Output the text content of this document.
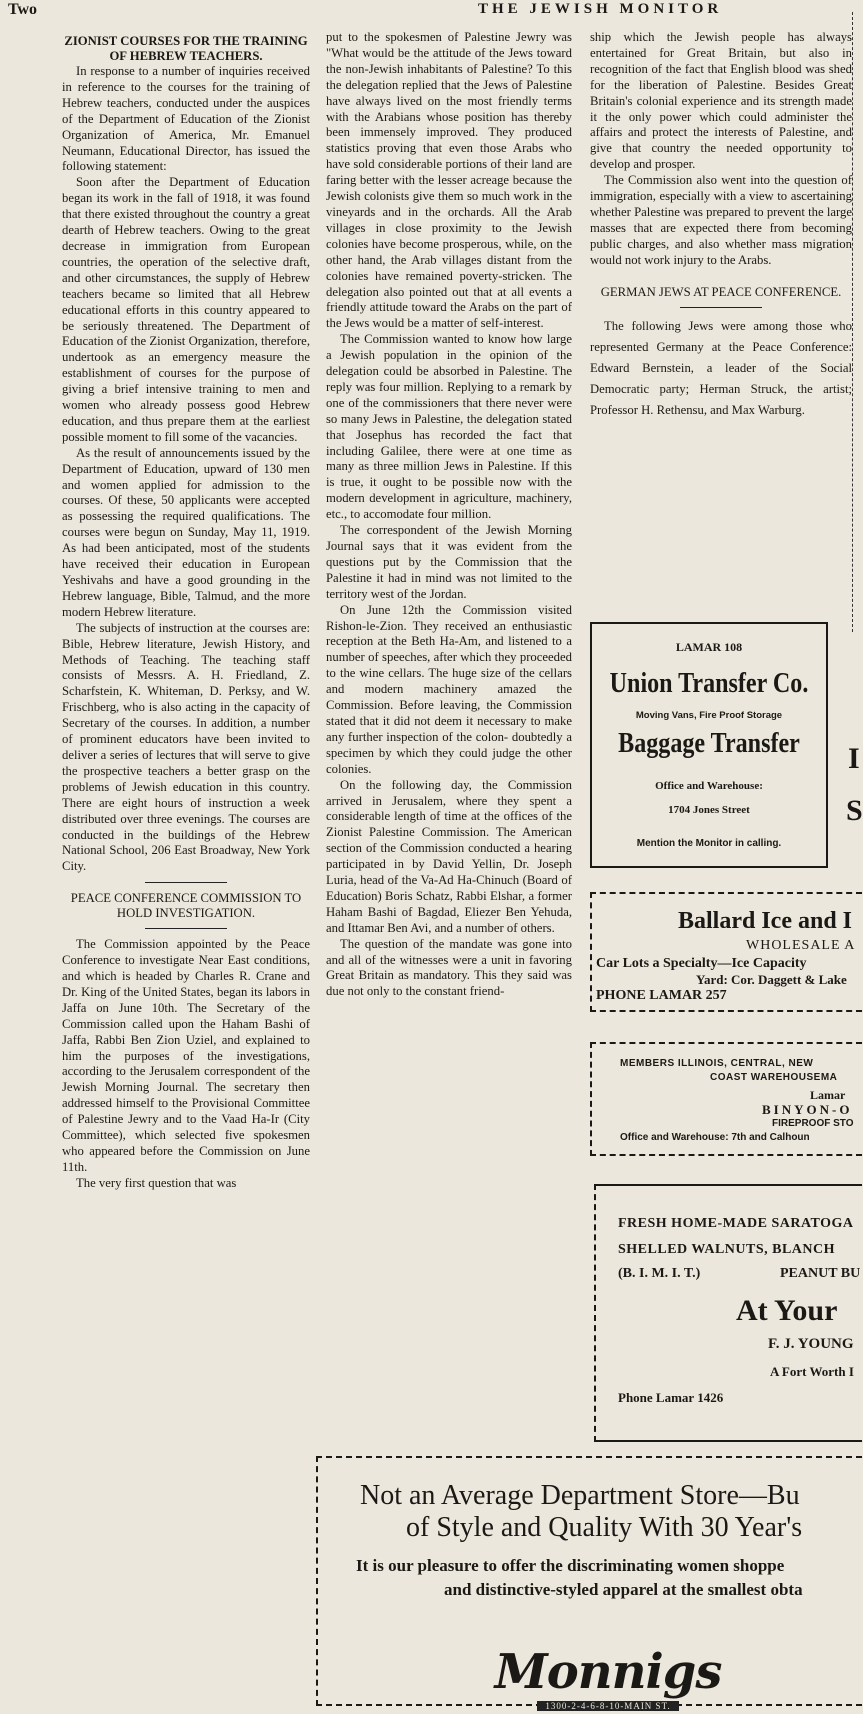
Two	THE JEWISH MONITOR

ZIONIST COURSES FOR THE TRAINING OF HEBREW TEACHERS.

In response to a number of inquiries received in reference to the courses for the training of Hebrew teachers, conducted under the auspices of the Department of Education of the Zionist Organization of America, Mr. Emanuel Neumann, Educational Director, has issued the following statement:

Soon after the Department of Education began its work in the fall of 1918, it was found that there existed throughout the country a great dearth of Hebrew teachers. Owing to the great decrease in immigration from European countries, the operation of the selective draft, and other circumstances, the supply of Hebrew teachers became so limited that all Hebrew educational efforts in this country appeared to be seriously threatened. The Department of Education of the Zionist Organization, therefore, undertook as an emergency measure the establishment of courses for the purpose of giving a brief intensive training to men and women who already possess good Hebrew education, and thus prepare them at the earliest possible moment to fill some of the vacancies.

As the result of announcements issued by the Department of Education, upward of 130 men and women applied for admission to the courses. Of these, 50 applicants were accepted as possessing the required qualifications. The courses were begun on Sunday, May 11, 1919. As had been anticipated, most of the students have received their education in European Yeshivahs and have a good grounding in the Hebrew language, Bible, Talmud, and the more modern Hebrew literature.

The subjects of instruction at the courses are: Bible, Hebrew literature, Jewish History, and Methods of Teaching. The teaching staff consists of Messrs. A. H. Friedland, Z. Scharfstein, K. Whiteman, D. Perksy, and W. Frischberg, who is also acting in the capacity of Secretary of the courses. In addition, a number of prominent educators have been invited to deliver a series of lectures that will serve to give the prospective teachers a better grasp on the problems of Jewish education in this country. There are eight hours of instruction a week distributed over three evenings. The courses are conducted in the buildings of the Hebrew National School, 206 East Broadway, New York City.

PEACE CONFERENCE COMMISSION TO HOLD INVESTIGATION.

The Commission appointed by the Peace Conference to investigate Near East conditions, and which is headed by Charles R. Crane and Dr. King of the United States, began its labors in Jaffa on June 10th. The Secretary of the Commission called upon the Haham Bashi of Jaffa, Rabbi Ben Zion Uziel, and explained to him the purposes of the investigations, according to the Jerusalem correspondent of the Jewish Morning Journal. The secretary then addressed himself to the Provisional Committee of Palestine Jewry and to the Vaad Ha-Ir (City Committee), which selected five spokesmen who appeared before the Commission on June 11th.

The very first question that was

put to the spokesmen of Palestine Jewry was "What would be the attitude of the Jews toward the non-Jewish inhabitants of Palestine? To this the delegation replied that the Jews of Palestine have always lived on the most friendly terms with the Arabians whose position has thereby been immensely improved. They produced statistics proving that even those Arabs who have sold considerable portions of their land are faring better with the lesser acreage because the Jewish colonists give them so much work in the vineyards and in the orchards. All the Arab villages in close proximity to the Jewish colonies have become prosperous, while, on the other hand, the Arab villages distant from the colonies have remained poverty-stricken. The delegation also pointed out that at all events a friendly attitude toward the Arabs on the part of the Jews would be a matter of self-interest.

The Commission wanted to know how large a Jewish population in the opinion of the delegation could be absorbed in Palestine. The reply was four million. Replying to a remark by one of the commissioners that there never were so many Jews in Palestine, the delegation stated that Josephus has recorded the fact that including Galilee, there were at one time as many as three million Jews in Palestine. If this is true, it ought to be possible now with the modern development in agriculture, machinery, etc., to accomodate four million.

The correspondent of the Jewish Morning Journal says that it was evident from the questions put by the Commission that the Palestine it had in mind was not limited to the territory west of the Jordan.

On June 12th the Commission visited Rishon-le-Zion. They received an enthusiastic reception at the Beth Ha-Am, and listened to a number of speeches, after which they proceeded to the wine cellars. The huge size of the cellars and modern machinery amazed the Commission. Before leaving, the Commission stated that it did not deem it necessary to make any further inspection of the colon- doubtedly a specimen by which they could judge the other colonies.

On the following day, the Commission arrived in Jerusalem, where they spent a considerable length of time at the offices of the Zionist Palestine Commission. The American section of the Commission conducted a hearing participated in by David Yellin, Dr. Joseph Luria, head of the Va-Ad Ha-Chinuch (Board of Education) Boris Schatz, Rabbi Elshar, a former Haham Bashi of Bagdad, Eliezer Ben Yehuda, and Ittamar Ben Avi, and a number of others.

The question of the mandate was gone into and all of the witnesses were a unit in favoring Great Britain as mandatory. This they said was due not only to the constant friend-

ship which the Jewish people has always entertained for Great Britain, but also in recognition of the fact that English blood was shed for the liberation of Palestine. Besides Great Britain's colonial experience and its strength made it the only power which could administer the affairs and protect the interests of Palestine, and give that country the needed opportunity to develop and prosper.

The Commission also went into the question of immigration, especially with a view to ascertaining whether Palestine was prepared to prevent the large masses that are expected there from becoming public charges, and also whether mass migration would not work injury to the Arabs.

GERMAN JEWS AT PEACE CONFERENCE.

The following Jews were among those who represented Germany at the Peace Conference: Edward Bernstein, a leader of the Social Democratic party; Herman Struck, the artist; Professor H. Rethensu, and Max Warburg.

LAMAR 108
Union Transfer Co.
Moving Vans, Fire Proof Storage
Baggage Transfer
Office and Warehouse:
1704 Jones Street
Mention the Monitor in calling.
Ballard Ice and I
WHOLESALE A
Car Lots a Specialty—Ice Capacity
Yard: Cor. Daggett & Lake
PHONE LAMAR 257
MEMBERS ILLINOIS, CENTRAL, NEW
COAST WAREHOUSEMA
Lamar
BINYON-O
FIREPROOF STO
Office and Warehouse: 7th and Calhoun
FRESH HOME-MADE SARATOGA
SHELLED WALNUTS, BLANCH
(B. I. M. I. T.)	PEANUT BU
At Your
F. J. YOUNG
A Fort Worth I
Phone Lamar 1426
Not an Average Department Store—Bu
of Style and Quality With 30 Year's
It is our pleasure to offer the discriminating women shoppe
and distinctive-styled apparel at the smallest obta
Monnigs
1300-2-4-6-8-10-MAIN ST.
I
S
